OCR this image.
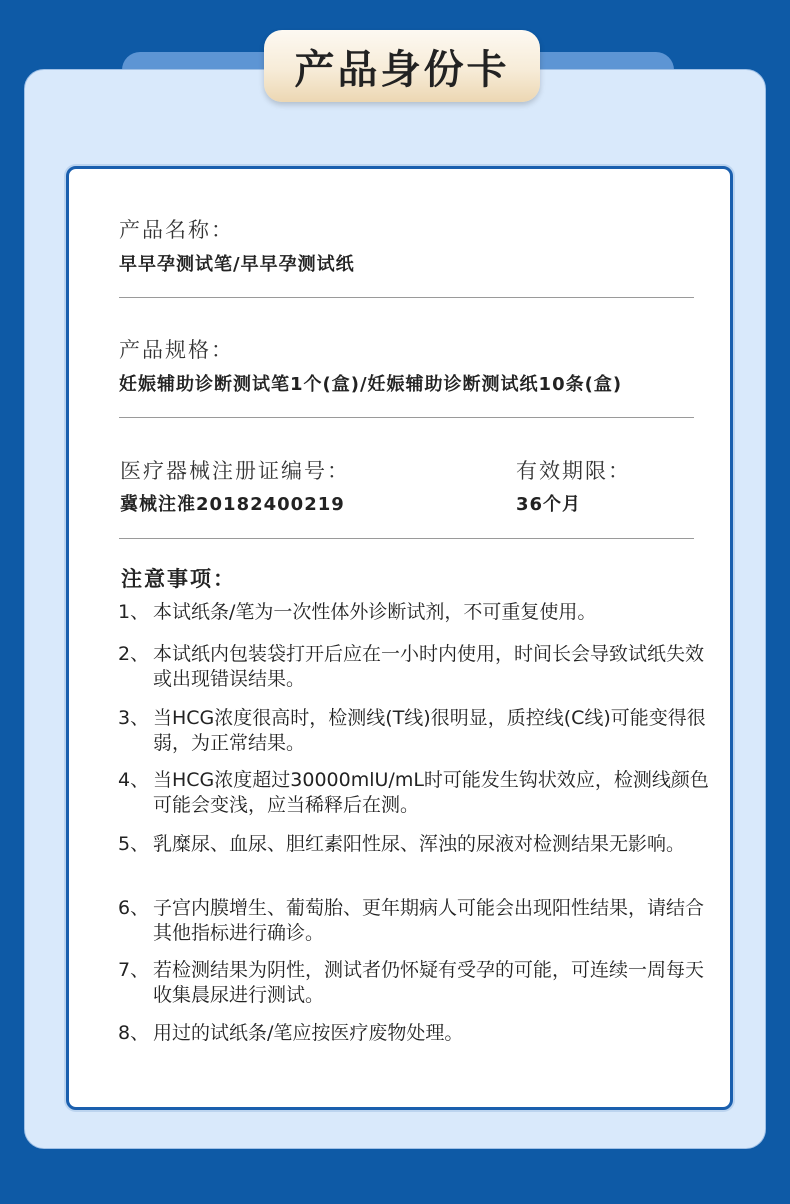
产品身份卡
产品名称：
早早孕测试笔/早早孕测试纸
产品规格：
妊娠辅助诊断测试笔1个(盒)/妊娠辅助诊断测试纸10条(盒)
医疗器械注册证编号：
冀械注准20182400219
有效期限：
36个月
注意事项：
1、 本试纸条/笔为一次性体外诊断试剂，不可重复使用。
2、 本试纸内包装袋打开后应在一小时内使用，时间长会导致试纸失效或出现错误结果。
3、 当HCG浓度很高时，检测线(T线)很明显，质控线(C线)可能变得很弱，为正常结果。
4、 当HCG浓度超过30000mlU/mL时可能发生钩状效应，检测线颜色可能会变浅，应当稀释后在测。
5、 乳糜尿、血尿、胆红素阳性尿、浑浊的尿液对检测结果无影响。
6、 子宫内膜增生、葡萄胎、更年期病人可能会出现阳性结果，请结合其他指标进行确诊。
7、 若检测结果为阴性，测试者仍怀疑有受孕的可能，可连续一周每天收集晨尿进行测试。
8、 用过的试纸条/笔应按医疗废物处理。
